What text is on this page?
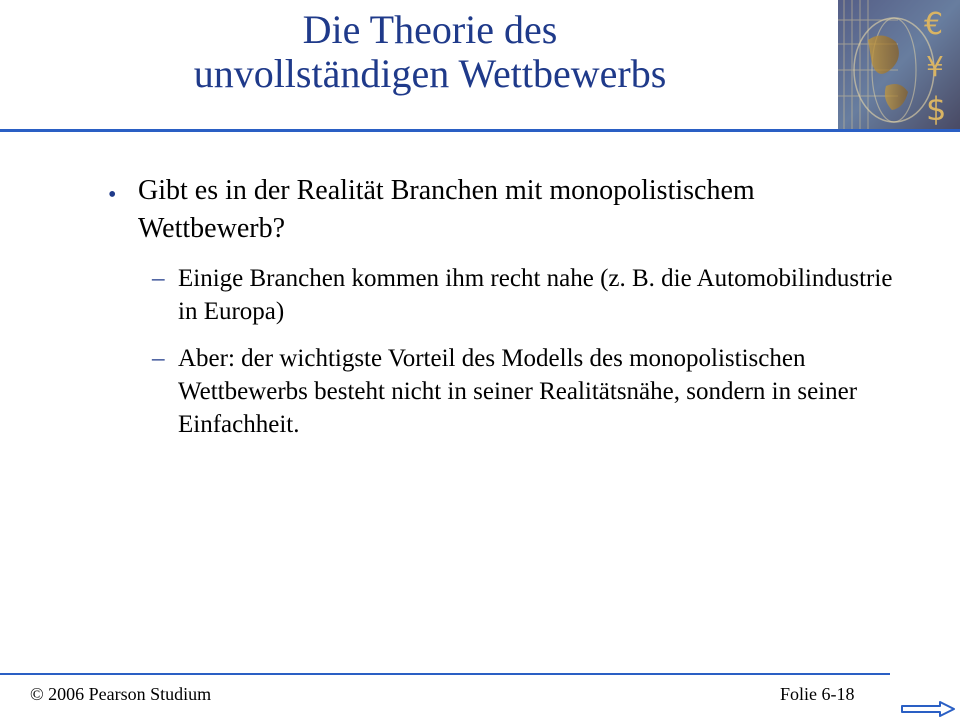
Die Theorie des
unvollständigen Wettbewerbs
€
¥
$
• Gibt es in der Realität Branchen mit monopolistischem Wettbewerb?
– Einige Branchen kommen ihm recht nahe (z. B. die Automobilindustrie in Europa)
– Aber: der wichtigste Vorteil des Modells des monopolistischen Wettbewerbs besteht nicht in seiner Realitätsnähe, sondern in seiner Einfachheit.
© 2006 Pearson Studium	Folie 6-18
